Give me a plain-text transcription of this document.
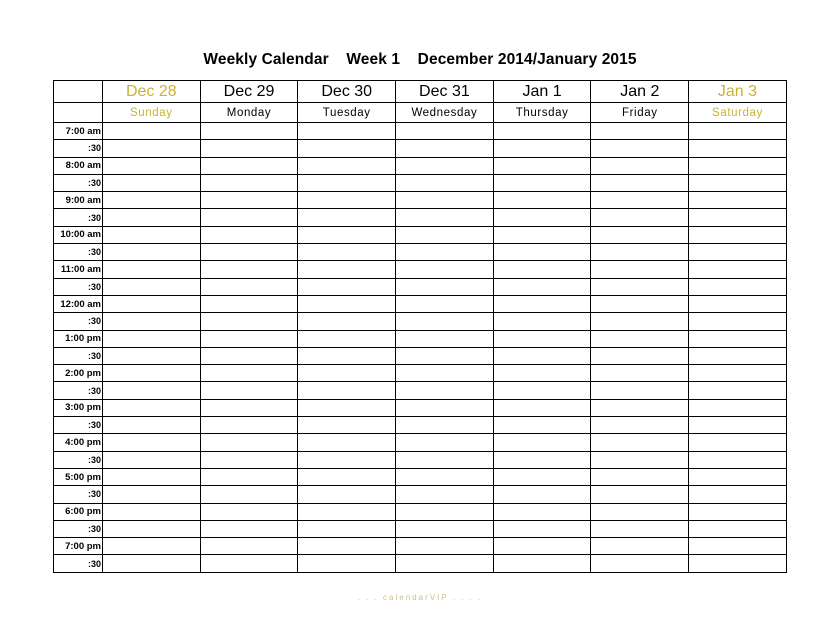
Weekly Calendar    Week 1    December 2014/January 2015
	Dec 28	Dec 29	Dec 30	Dec 31	Jan 1	Jan 2	Jan 3
	Sunday	Monday	Tuesday	Wednesday	Thursday	Friday	Saturday
7:00 am							
:30							
8:00 am							
:30							
9:00 am							
:30							
10:00 am							
:30							
11:00 am							
:30							
12:00 am							
:30							
1:00 pm							
:30							
2:00 pm							
:30							
3:00 pm							
:30							
4:00 pm							
:30							
5:00 pm							
:30							
6:00 pm							
:30							
7:00 pm							
:30							
. . . calendarVIP . . . .
